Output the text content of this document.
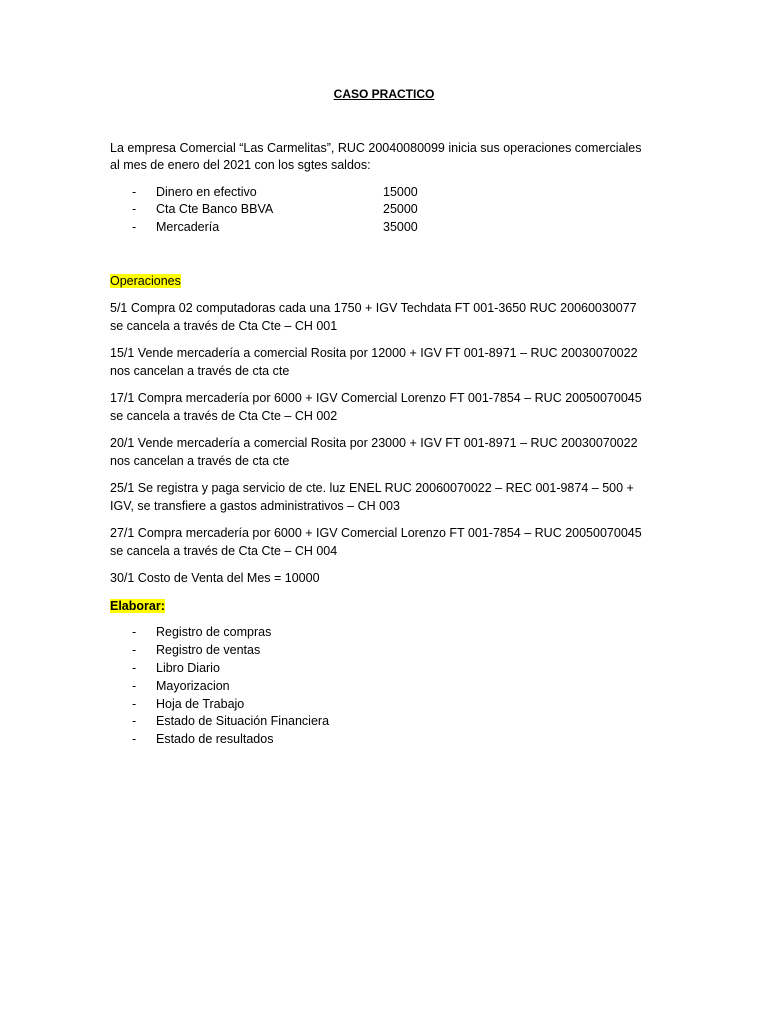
CASO PRACTICO

La empresa Comercial “Las Carmelitas”, RUC 20040080099 inicia sus operaciones comerciales

al mes de enero del 2021 con los sgtes saldos:

- Dinero en efectivo	15000
- Cta Cte Banco BBVA	25000
- Mercadería	35000

Operaciones

5/1 Compra 02 computadoras cada una 1750 + IGV Techdata FT 001-3650 RUC 20060030077
se cancela a través de Cta Cte – CH 001

15/1 Vende mercadería a comercial Rosita por 12000 + IGV FT 001-8971 – RUC 20030070022
nos cancelan a través de cta cte

17/1 Compra mercadería por 6000 + IGV Comercial Lorenzo FT 001-7854 – RUC 20050070045
se cancela a través de Cta Cte – CH 002

20/1 Vende mercadería a comercial Rosita por 23000 + IGV FT 001-8971 – RUC 20030070022
nos cancelan a través de cta cte

25/1 Se registra y paga servicio de cte. luz ENEL RUC 20060070022 – REC 001-9874 – 500 +
IGV, se transfiere a gastos administrativos – CH 003

27/1 Compra mercadería por 6000 + IGV Comercial Lorenzo FT 001-7854 – RUC 20050070045
se cancela a través de Cta Cte – CH 004

30/1 Costo de Venta del Mes = 10000

Elaborar:

- Registro de compras
- Registro de ventas
- Libro Diario
- Mayorizacion
- Hoja de Trabajo
- Estado de Situación Financiera
- Estado de resultados
